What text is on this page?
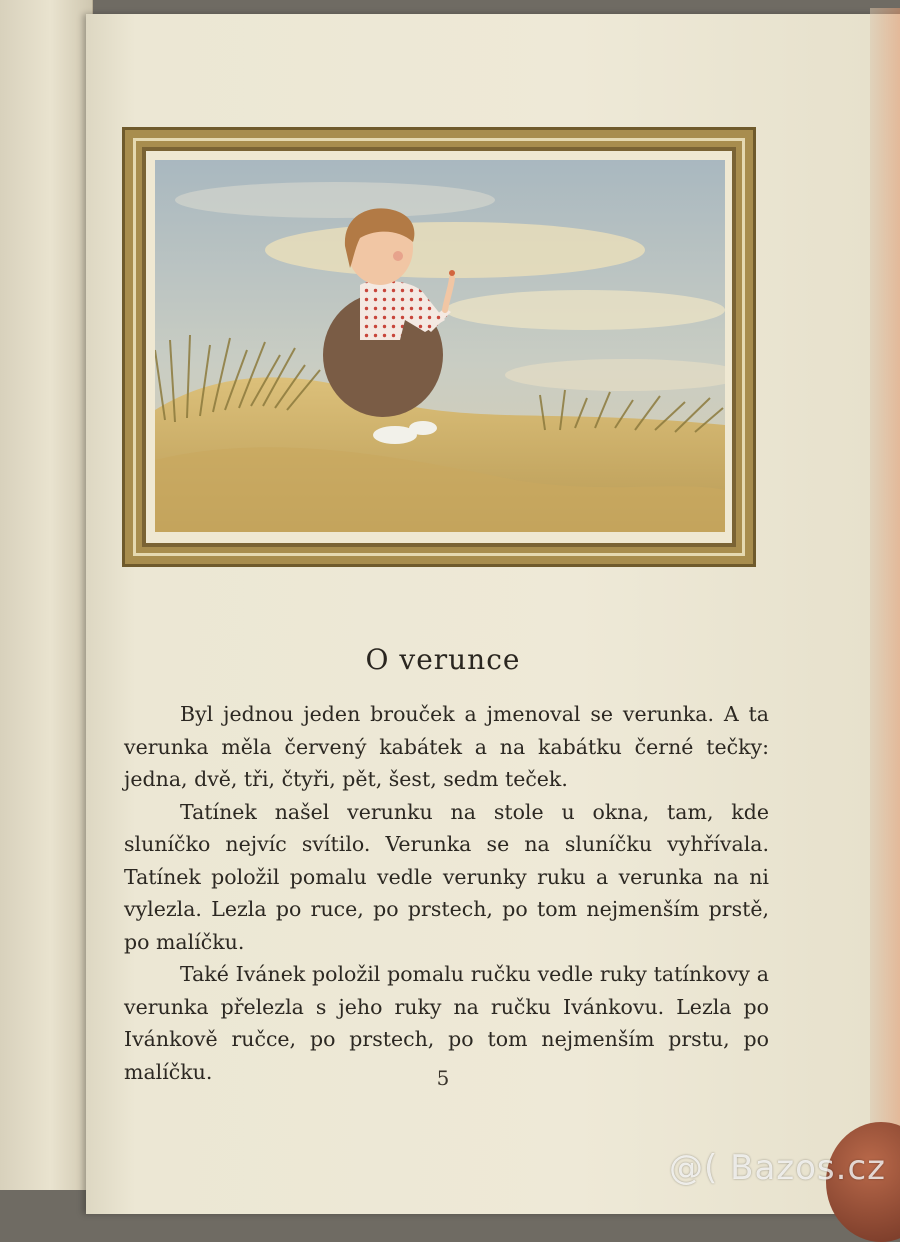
O verunce

Byl jednou jeden brouček a jmenoval se verunka. A ta verunka měla červený kabátek a na kabátku černé tečky: jedna, dvě, tři, čtyři, pět, šest, sedm teček.

Tatínek našel verunku na stole u okna, tam, kde sluníčko nejvíc svítilo. Verunka se na sluníčku vyhřívala. Tatínek položil pomalu vedle verunky ruku a verunka na ni vylezla. Lezla po ruce, po prstech, po tom nejmenším prstě, po malíčku.

Také Ivánek položil pomalu ručku vedle ruky tatínkovy a verunka přelezla s jeho ruky na ručku Ivánkovu. Lezla po Ivánkově ručce, po prstech, po tom nejmenším prstu, po malíčku.	5
@( Bazos.cz
